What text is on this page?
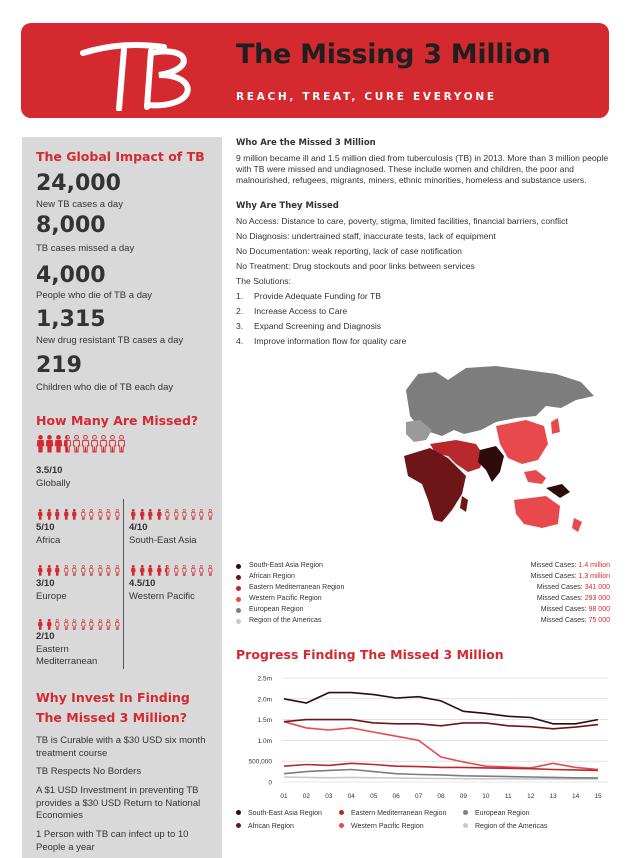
The Missing 3 Million
REACH, TREAT, CURE EVERYONE
The Global Impact of TB
24,000
New TB cases a day
8,000
TB cases missed a day
4,000
People who die of TB a day
1,315
New drug resistant TB cases a day
219
Children who die of TB each day
How Many Are Missed?
3.5/10
Globally
5/10
Africa
4/10
South-East Asia
3/10
Europe
4.5/10
Western Pacific
2/10
Eastern Mediterranean
Why Invest In Finding
The Missed 3 Million?
TB is Curable with a $30 USD six month treatment course
TB Respects No Borders
A $1 USD Investment in preventing TB provides a $30 USD Return to National Economies
1 Person with TB can infect up to 10 People a year
Who Are the Missed 3 Million
9 million became ill and 1.5 million died from tuberculosis (TB) in 2013. More than 3 million people with TB were missed and undiagnosed. These include women and children, the poor and malnourished, refugees, migrants, miners, ethnic minorities, homeless and substance users.
Why Are They Missed
No Access: Distance to care, poverty, stigma, limited facilities, financial barriers, conflict
No Diagnosis: undertrained staff, inaccurate tests, lack of equipment
No Documentation: weak reporting, lack of case notification
No Treatment: Drug stockouts and poor links between services
The Solutions:
1. Provide Adequate Funding for TB
2. Increase Access to Care
3. Expand Screening and Diagnosis
4. Improve information flow for quality care
South-East Asia Region	Missed Cases: 1.4 million
African Region	Missed Cases: 1.3 million
Eastern Mediterranean Region	Missed Cases: 341 000
Western Pacific Region	Missed Cases: 293 000
European Region	Missed Cases: 98 000
Region of the Americas	Missed Cases: 75 000
Progress Finding The Missed 3 Million
2.5m
2.0m
1.5m
1.0m
500,000
0
01 02 03 04 05 06 07 08 09 10 11 12 13 14 15
South-East Asia Region
African Region
Eastern Mediterranean Region
Western Pacific Region
European Region
Region of the Americas
